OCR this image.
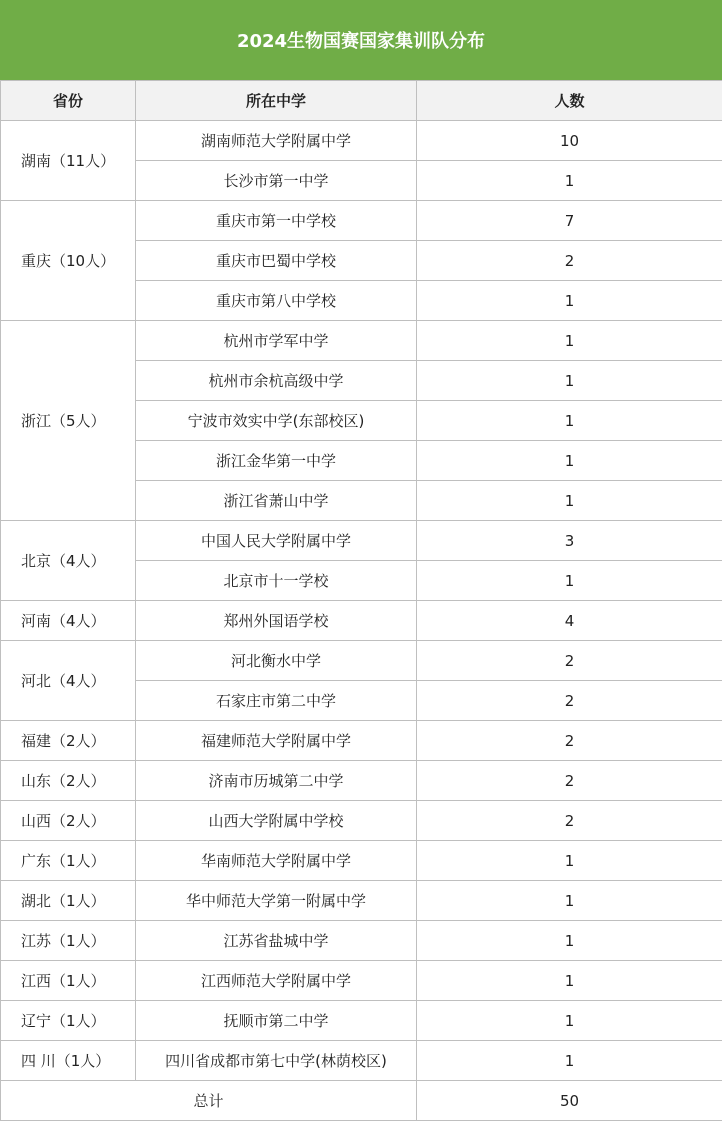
2024生物国赛国家集训队分布
省份	所在中学	人数
湖南（11人）	湖南师范大学附属中学	10
	长沙市第一中学	1
重庆（10人）	重庆市第一中学校	7
	重庆市巴蜀中学校	2
	重庆市第八中学校	1
浙江（5人）	杭州市学军中学	1
	杭州市余杭高级中学	1
	宁波市效实中学(东部校区)	1
	浙江金华第一中学	1
	浙江省萧山中学	1
北京（4人）	中国人民大学附属中学	3
	北京市十一学校	1
河南（4人）	郑州外国语学校	4
河北（4人）	河北衡水中学	2
	石家庄市第二中学	2
福建（2人）	福建师范大学附属中学	2
山东（2人）	济南市历城第二中学	2
山西（2人）	山西大学附属中学校	2
广东（1人）	华南师范大学附属中学	1
湖北（1人）	华中师范大学第一附属中学	1
江苏（1人）	江苏省盐城中学	1
江西（1人）	江西师范大学附属中学	1
辽宁（1人）	抚顺市第二中学	1
四 川（1人）	四川省成都市第七中学(林荫校区)	1
总计		50
